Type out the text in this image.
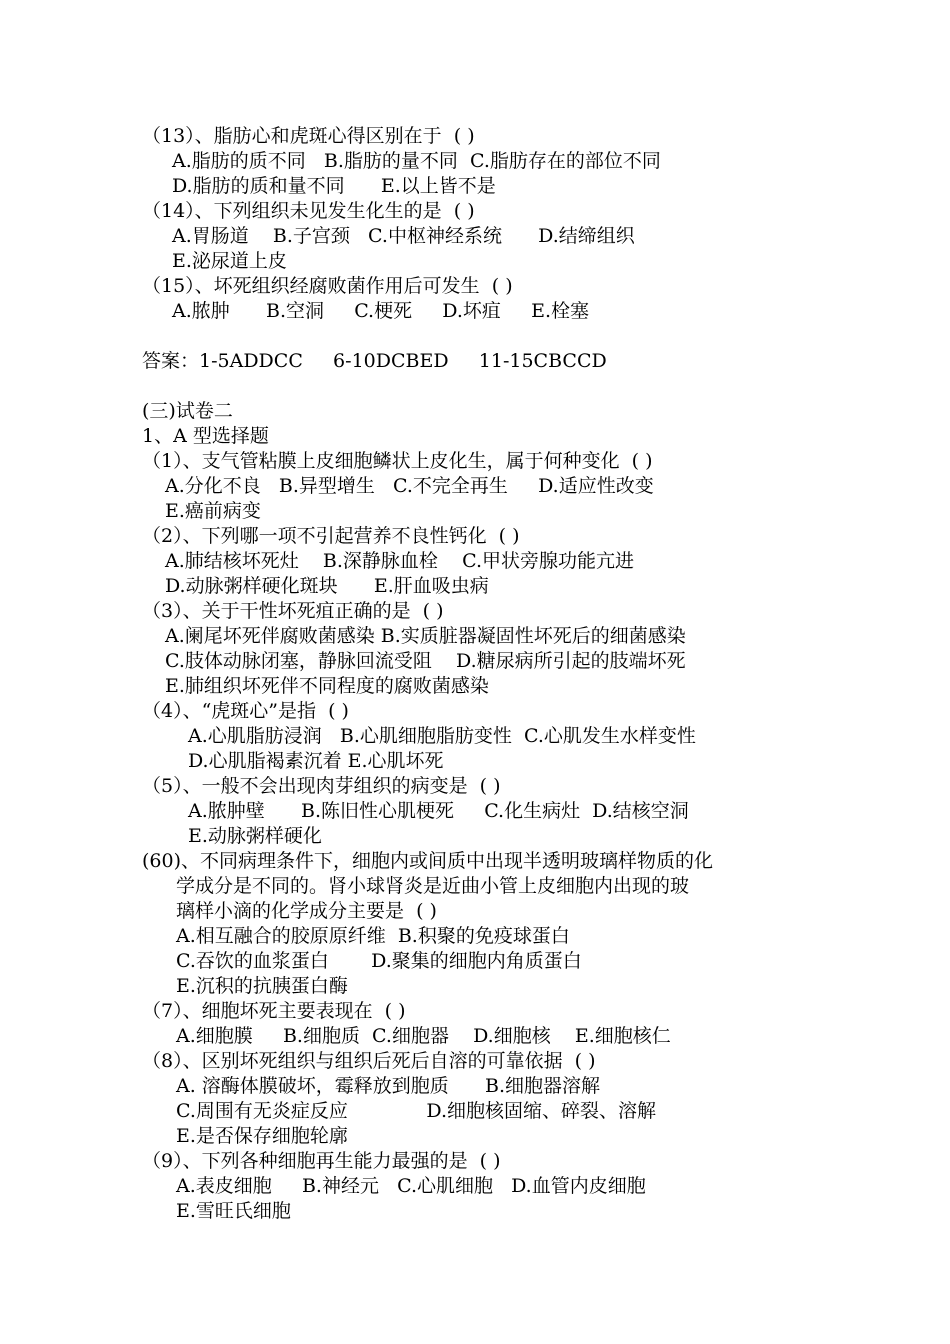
（13）、脂肪心和虎斑心得区别在于  ( )
A.脂肪的质不同   B.脂肪的量不同  C.脂肪存在的部位不同
D.脂肪的质和量不同      E.以上皆不是
（14）、下列组织未见发生化生的是  ( )
A.胃肠道    B.子宫颈   C.中枢神经系统      D.结缔组织
E.泌尿道上皮
（15）、坏死组织经腐败菌作用后可发生  ( )
A.脓肿      B.空洞     C.梗死     D.坏疽     E.栓塞
答案：1-5ADDCC     6-10DCBED     11-15CBCCD
(三)试卷二
1、A 型选择题
（1）、支气管粘膜上皮细胞鳞状上皮化生，属于何种变化  ( )
A.分化不良   B.异型增生   C.不完全再生     D.适应性改变
E.癌前病变
（2）、下列哪一项不引起营养不良性钙化  ( )
A.肺结核坏死灶    B.深静脉血栓    C.甲状旁腺功能亢进
D.动脉粥样硬化斑块      E.肝血吸虫病
（3）、关于干性坏死疽正确的是  ( )
A.阑尾坏死伴腐败菌感染 B.实质脏器凝固性坏死后的细菌感染
C.肢体动脉闭塞，静脉回流受阻    D.糖尿病所引起的肢端坏死
E.肺组织坏死伴不同程度的腐败菌感染
（4）、“虎斑心”是指  ( )
A.心肌脂肪浸润   B.心肌细胞脂肪变性  C.心肌发生水样变性
D.心肌脂褐素沉着 E.心肌坏死
（5）、一般不会出现肉芽组织的病变是  ( )
A.脓肿壁      B.陈旧性心肌梗死     C.化生病灶  D.结核空洞
E.动脉粥样硬化
(60)、不同病理条件下，细胞内或间质中出现半透明玻璃样物质的化
学成分是不同的。肾小球肾炎是近曲小管上皮细胞内出现的玻
璃样小滴的化学成分主要是  ( )
A.相互融合的胶原原纤维  B.积聚的免疫球蛋白
C.吞饮的血浆蛋白       D.聚集的细胞内角质蛋白
E.沉积的抗胰蛋白酶
（7）、细胞坏死主要表现在  ( )
A.细胞膜     B.细胞质  C.细胞器    D.细胞核    E.细胞核仁
（8）、区别坏死组织与组织后死后自溶的可靠依据  ( )
A. 溶酶体膜破坏，霉释放到胞质      B.细胞器溶解
C.周围有无炎症反应             D.细胞核固缩、碎裂、溶解
E.是否保存细胞轮廓
（9）、下列各种细胞再生能力最强的是  ( )
A.表皮细胞     B.神经元   C.心肌细胞   D.血管内皮细胞
E.雪旺氏细胞
